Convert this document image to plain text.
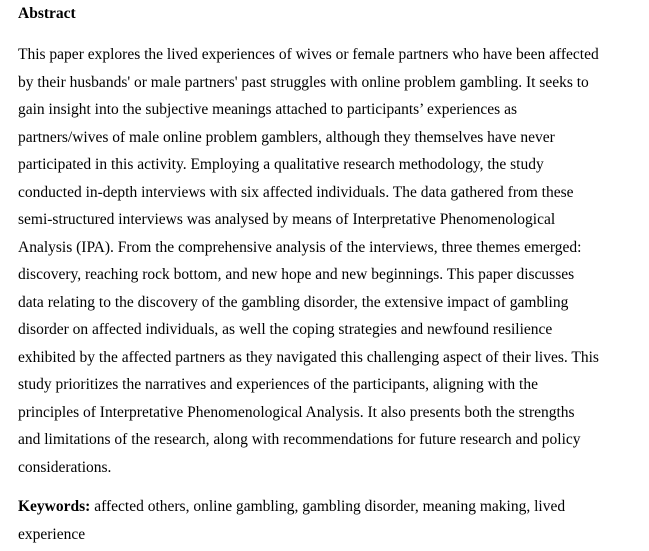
Abstract
This paper explores the lived experiences of wives or female partners who have been affected
by their husbands' or male partners' past struggles with online problem gambling. It seeks to
gain insight into the subjective meanings attached to participants’ experiences as
partners/wives of male online problem gamblers, although they themselves have never
participated in this activity. Employing a qualitative research methodology, the study
conducted in-depth interviews with six affected individuals. The data gathered from these
semi-structured interviews was analysed by means of Interpretative Phenomenological
Analysis (IPA). From the comprehensive analysis of the interviews, three themes emerged:
discovery, reaching rock bottom, and new hope and new beginnings. This paper discusses
data relating to the discovery of the gambling disorder, the extensive impact of gambling
disorder on affected individuals, as well the coping strategies and newfound resilience
exhibited by the affected partners as they navigated this challenging aspect of their lives. This
study prioritizes the narratives and experiences of the participants, aligning with the
principles of Interpretative Phenomenological Analysis. It also presents both the strengths
and limitations of the research, along with recommendations for future research and policy
considerations.
Keywords: affected others, online gambling, gambling disorder, meaning making, lived
experience
